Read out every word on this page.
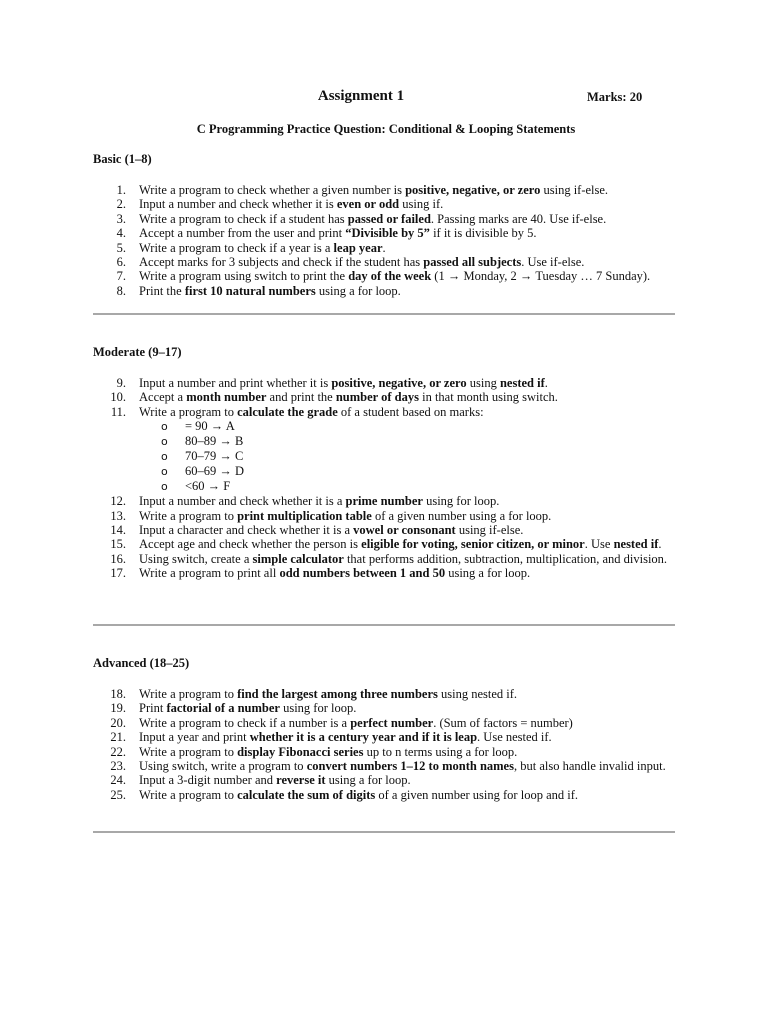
Assignment 1	Marks: 20
C Programming Practice Question: Conditional & Looping Statements

Basic (1–8)

1. Write a program to check whether a given number is positive, negative, or zero using if-else.
2. Input a number and check whether it is even or odd using if.
3. Write a program to check if a student has passed or failed. Passing marks are 40. Use if-else.
4. Accept a number from the user and print “Divisible by 5” if it is divisible by 5.
5. Write a program to check if a year is a leap year.
6. Accept marks for 3 subjects and check if the student has passed all subjects. Use if-else.
7. Write a program using switch to print the day of the week (1 → Monday, 2 → Tuesday … 7 Sunday).
8. Print the first 10 natural numbers using a for loop.

Moderate (9–17)

9. Input a number and print whether it is positive, negative, or zero using nested if.
10. Accept a month number and print the number of days in that month using switch.
11. Write a program to calculate the grade of a student based on marks:
o = 90 → A
o 80–89 → B
o 70–79 → C
o 60–69 → D
o <60 → F
12. Input a number and check whether it is a prime number using for loop.
13. Write a program to print multiplication table of a given number using a for loop.
14. Input a character and check whether it is a vowel or consonant using if-else.
15. Accept age and check whether the person is eligible for voting, senior citizen, or minor. Use nested if.
16. Using switch, create a simple calculator that performs addition, subtraction, multiplication, and division.
17. Write a program to print all odd numbers between 1 and 50 using a for loop.

Advanced (18–25)

18. Write a program to find the largest among three numbers using nested if.
19. Print factorial of a number using for loop.
20. Write a program to check if a number is a perfect number. (Sum of factors = number)
21. Input a year and print whether it is a century year and if it is leap. Use nested if.
22. Write a program to display Fibonacci series up to n terms using a for loop.
23. Using switch, write a program to convert numbers 1–12 to month names, but also handle invalid input.
24. Input a 3-digit number and reverse it using a for loop.
25. Write a program to calculate the sum of digits of a given number using for loop and if.
